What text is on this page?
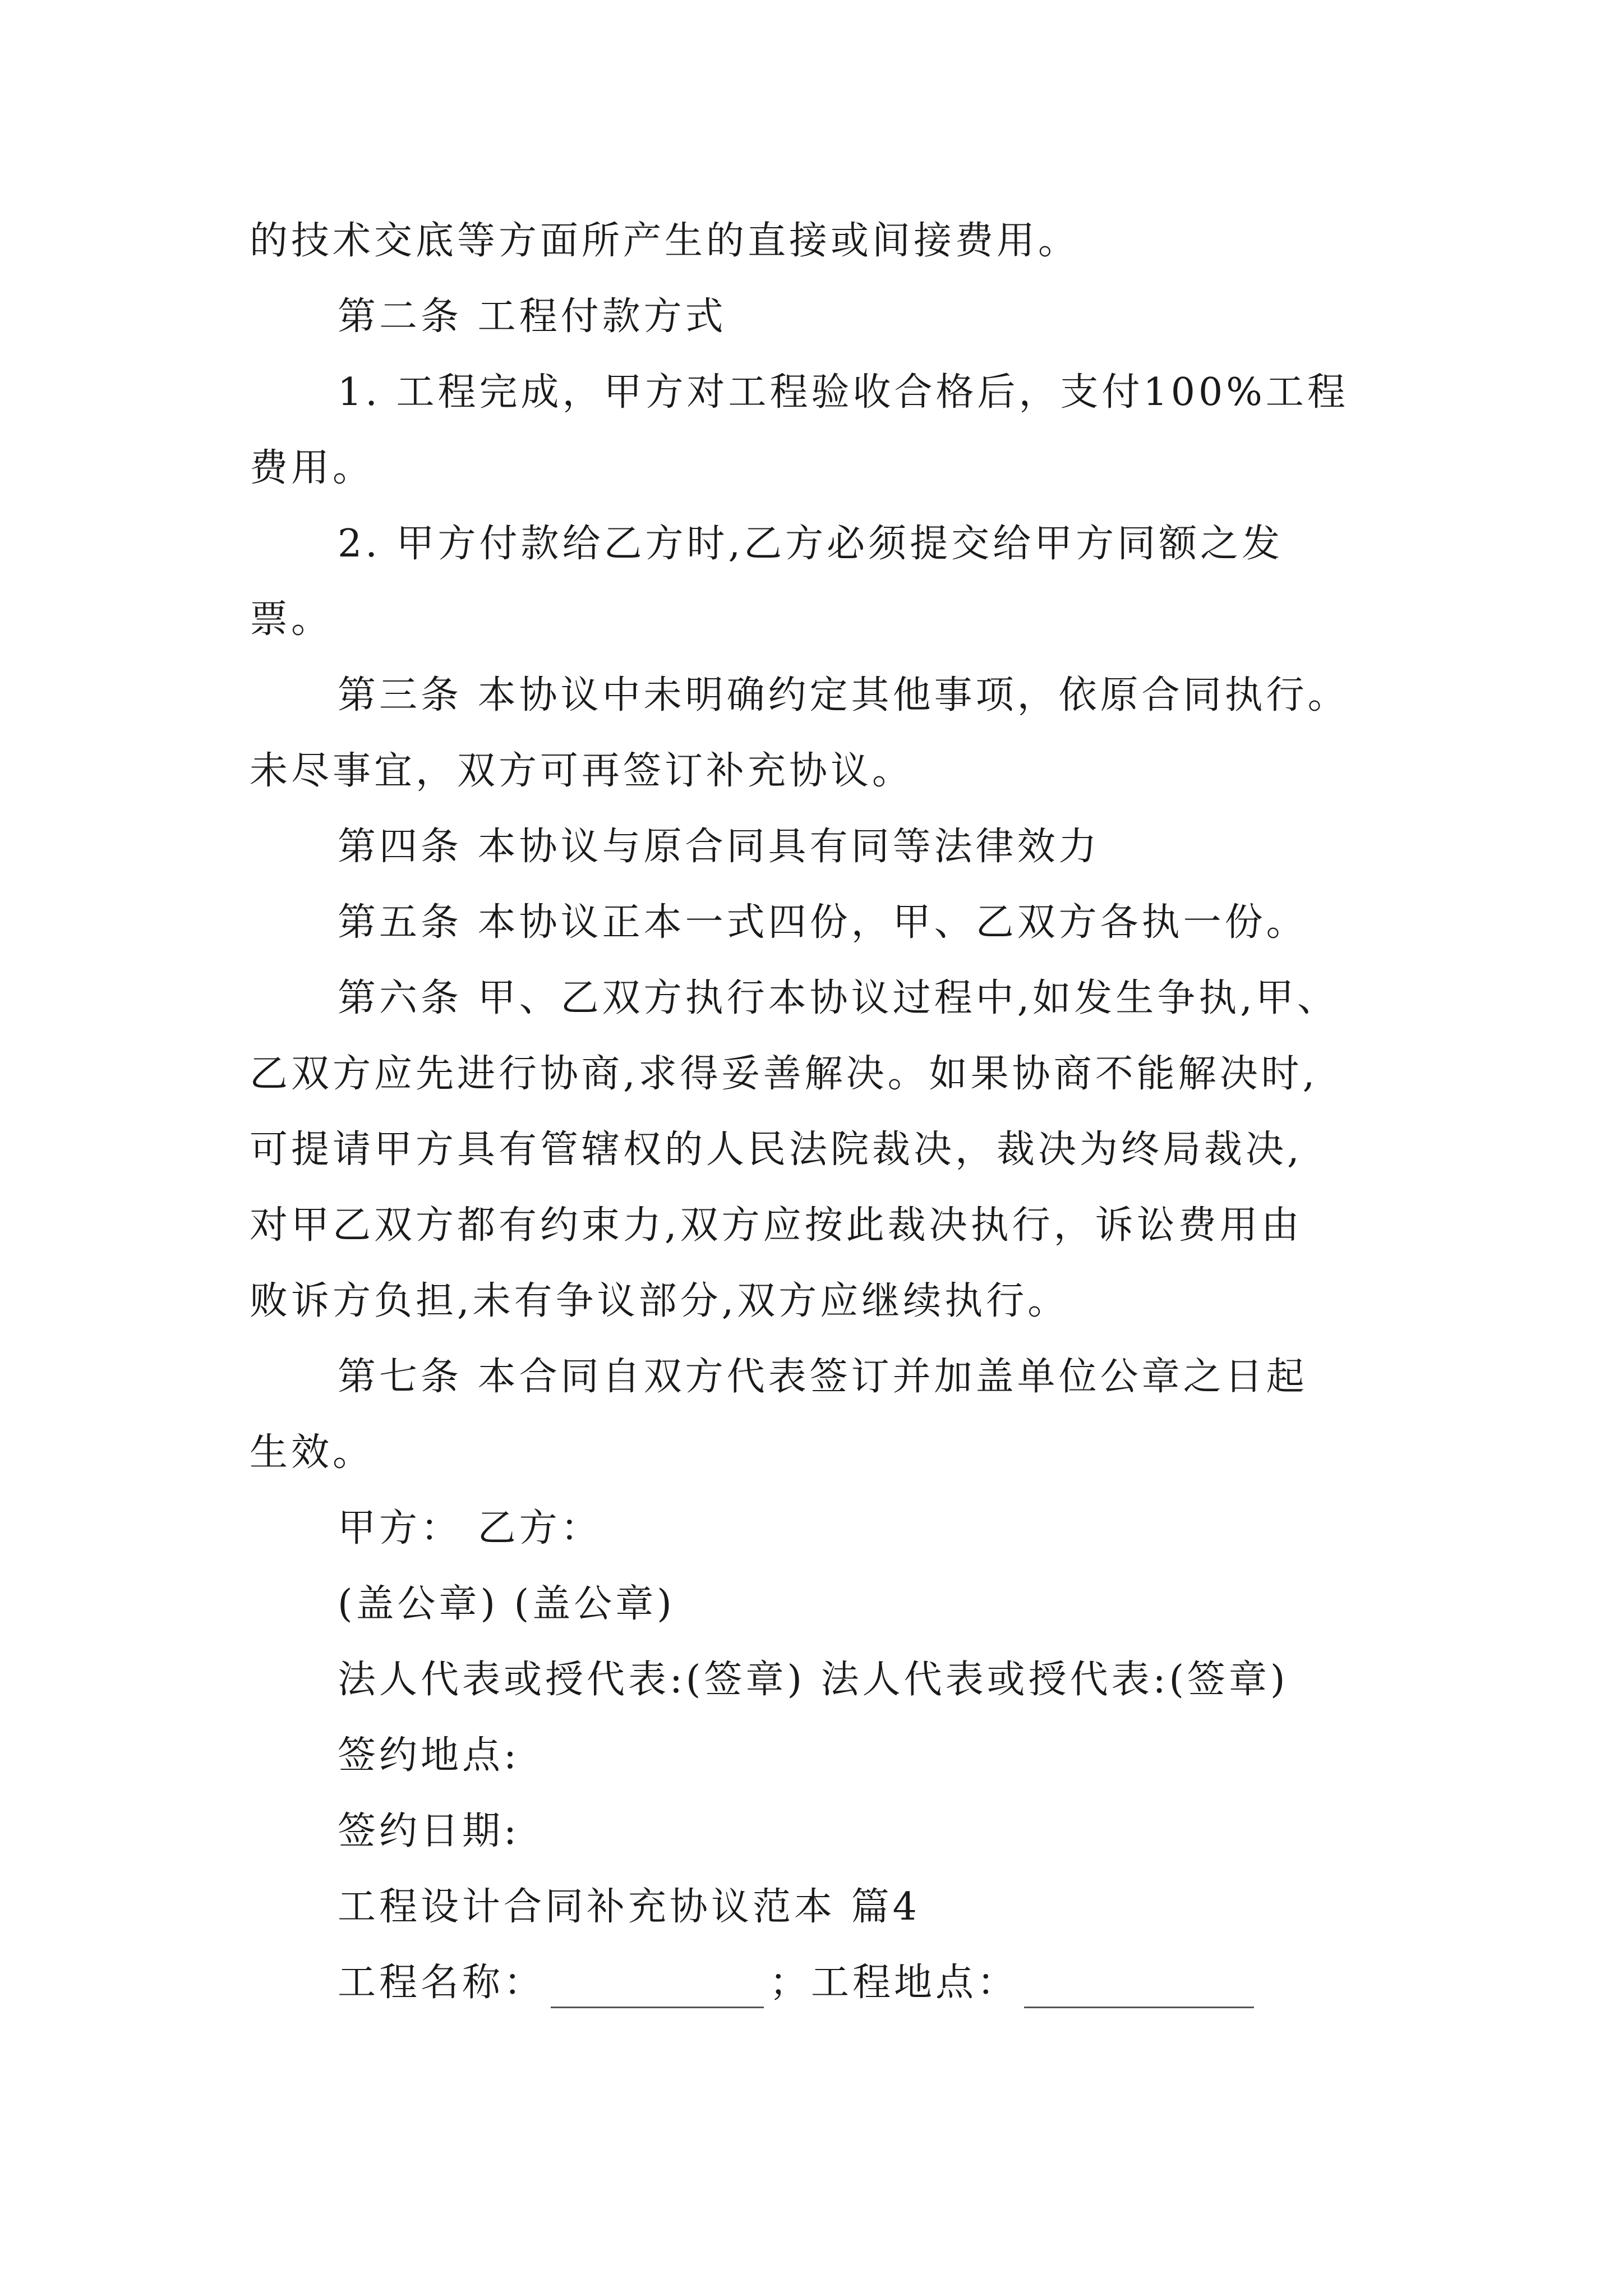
的技术交底等方面所产生的直接或间接费用。
第二条 工程付款方式
1. 工程完成，甲方对工程验收合格后，支付100%工程
费用。
2. 甲方付款给乙方时,乙方必须提交给甲方同额之发
票。
第三条 本协议中未明确约定其他事项，依原合同执行。
未尽事宜，双方可再签订补充协议。
第四条 本协议与原合同具有同等法律效力
第五条 本协议正本一式四份，甲、乙双方各执一份。
第六条 甲、乙双方执行本协议过程中,如发生争执,甲、
乙双方应先进行协商,求得妥善解决。如果协商不能解决时,
可提请甲方具有管辖权的人民法院裁决，裁决为终局裁决,
对甲乙双方都有约束力,双方应按此裁决执行，诉讼费用由
败诉方负担,未有争议部分,双方应继续执行。
第七条 本合同自双方代表签订并加盖单位公章之日起
生效。
甲方： 乙方：
(盖公章) (盖公章)
法人代表或授代表:(签章) 法人代表或授代表:(签章)
签约地点:
签约日期:
工程设计合同补充协议范本 篇4
工程名称：	；工程地点：
